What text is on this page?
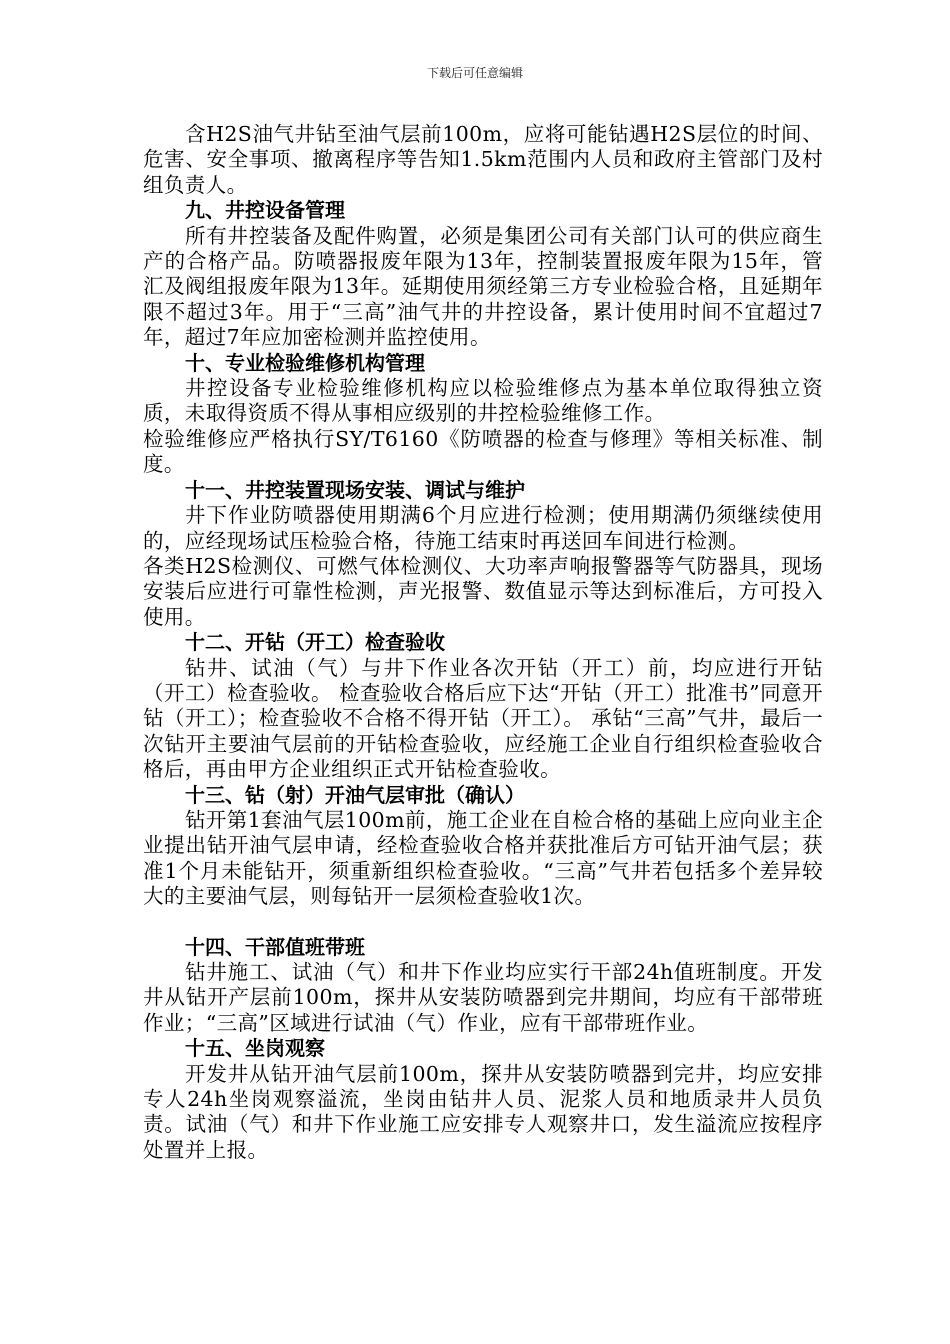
下载后可任意编辑

含H2S油气井钻至油气层前100m，应将可能钻遇H2S层位的时间、危害、安全事项、撤离程序等告知1.5km范围内人员和政府主管部门及村组负责人。

九、井控设备管理

所有井控装备及配件购置，必须是集团公司有关部门认可的供应商生产的合格产品。防喷器报废年限为13年，控制装置报废年限为15年，管汇及阀组报废年限为13年。延期使用须经第三方专业检验合格，且延期年限不超过3年。用于“三高”油气井的井控设备，累计使用时间不宜超过7年，超过7年应加密检测并监控使用。

十、专业检验维修机构管理

井控设备专业检验维修机构应以检验维修点为基本单位取得独立资质，未取得资质不得从事相应级别的井控检验维修工作。

检验维修应严格执行SY/T6160《防喷器的检查与修理》等相关标准、制度。

十一、井控装置现场安装、调试与维护

井下作业防喷器使用期满6个月应进行检测；使用期满仍须继续使用的，应经现场试压检验合格，待施工结束时再送回车间进行检测。

各类H2S检测仪、可燃气体检测仪、大功率声响报警器等气防器具，现场安装后应进行可靠性检测，声光报警、数值显示等达到标准后，方可投入使用。

十二、开钻（开工）检查验收

钻井、试油（气）与井下作业各次开钻（开工）前，均应进行开钻（开工）检查验收。 检查验收合格后应下达“开钻（开工）批准书”同意开钻（开工）；检查验收不合格不得开钻（开工）。 承钻“三高”气井，最后一次钻开主要油气层前的开钻检查验收，应经施工企业自行组织检查验收合格后，再由甲方企业组织正式开钻检查验收。

十三、钻（射）开油气层审批（确认）

钻开第1套油气层100m前，施工企业在自检合格的基础上应向业主企业提出钻开油气层申请，经检查验收合格并获批准后方可钻开油气层；获准1个月未能钻开，须重新组织检查验收。“三高”气井若包括多个差异较大的主要油气层，则每钻开一层须检查验收1次。

十四、干部值班带班

钻井施工、试油（气）和井下作业均应实行干部24h值班制度。开发井从钻开产层前100m，探井从安装防喷器到完井期间，均应有干部带班作业；“三高”区域进行试油（气）作业，应有干部带班作业。

十五、坐岗观察

开发井从钻开油气层前100m，探井从安装防喷器到完井，均应安排专人24h坐岗观察溢流，坐岗由钻井人员、泥浆人员和地质录井人员负责。试油（气）和井下作业施工应安排专人观察井口，发生溢流应按程序处置并上报。
